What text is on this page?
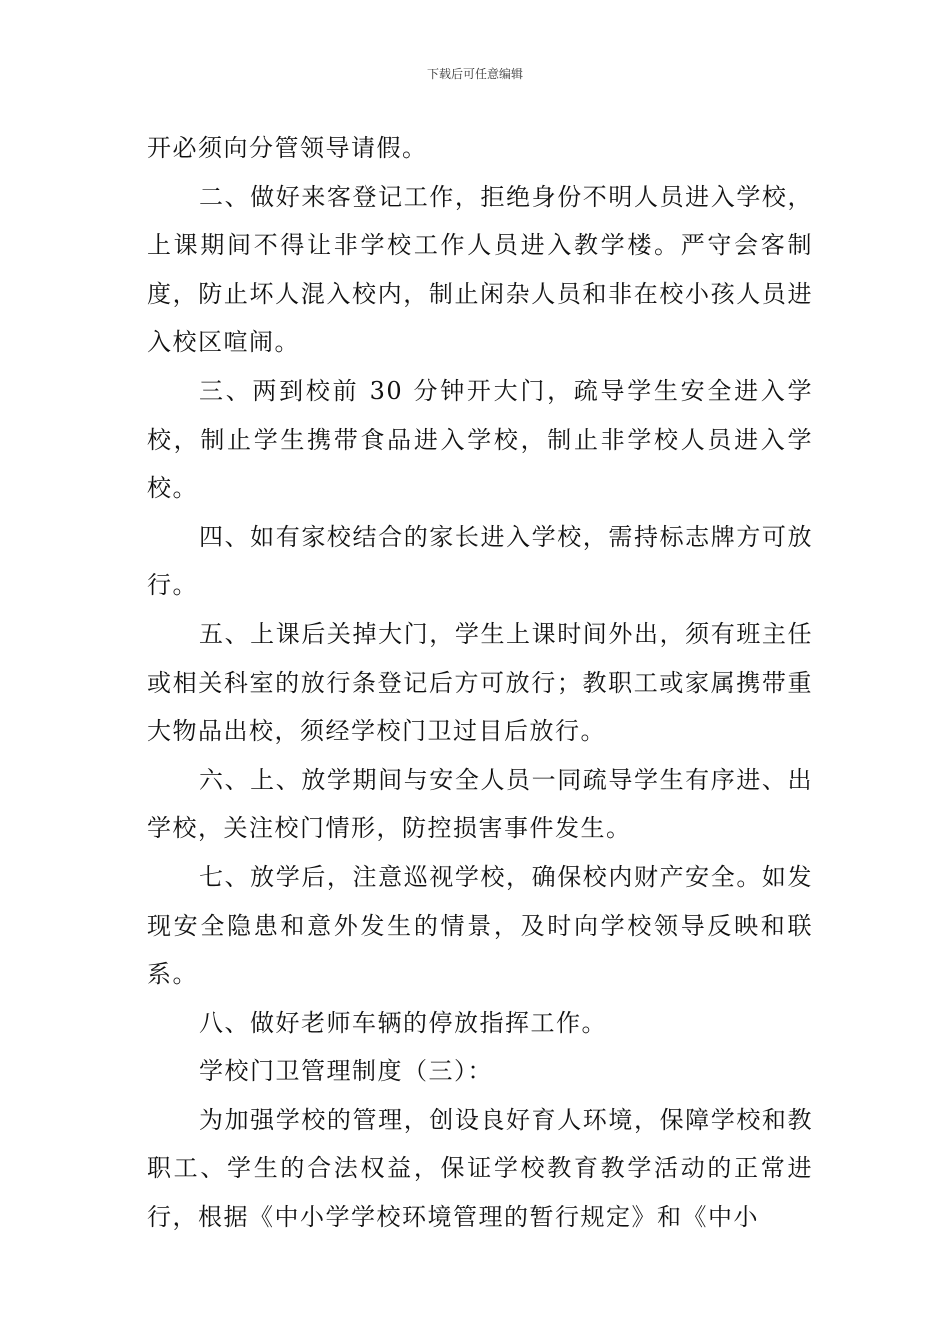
下载后可任意编辑

开必须向分管领导请假。

二、做好来客登记工作，拒绝身份不明人员进入学校，上课期间不得让非学校工作人员进入教学楼。严守会客制度，防止坏人混入校内，制止闲杂人员和非在校小孩人员进入校区喧闹。

三、两到校前 30 分钟开大门，疏导学生安全进入学校，制止学生携带食品进入学校，制止非学校人员进入学校。

四、如有家校结合的家长进入学校，需持标志牌方可放行。

五、上课后关掉大门，学生上课时间外出，须有班主任或相关科室的放行条登记后方可放行；教职工或家属携带重大物品出校，须经学校门卫过目后放行。

六、上、放学期间与安全人员一同疏导学生有序进、出学校，关注校门情形，防控损害事件发生。

七、放学后，注意巡视学校，确保校内财产安全。如发现安全隐患和意外发生的情景，及时向学校领导反映和联系。

八、做好老师车辆的停放指挥工作。

学校门卫管理制度（三）：

为加强学校的管理，创设良好育人环境，保障学校和教职工、学生的合法权益，保证学校教育教学活动的正常进行，根据《中小学学校环境管理的暂行规定》和《中小
